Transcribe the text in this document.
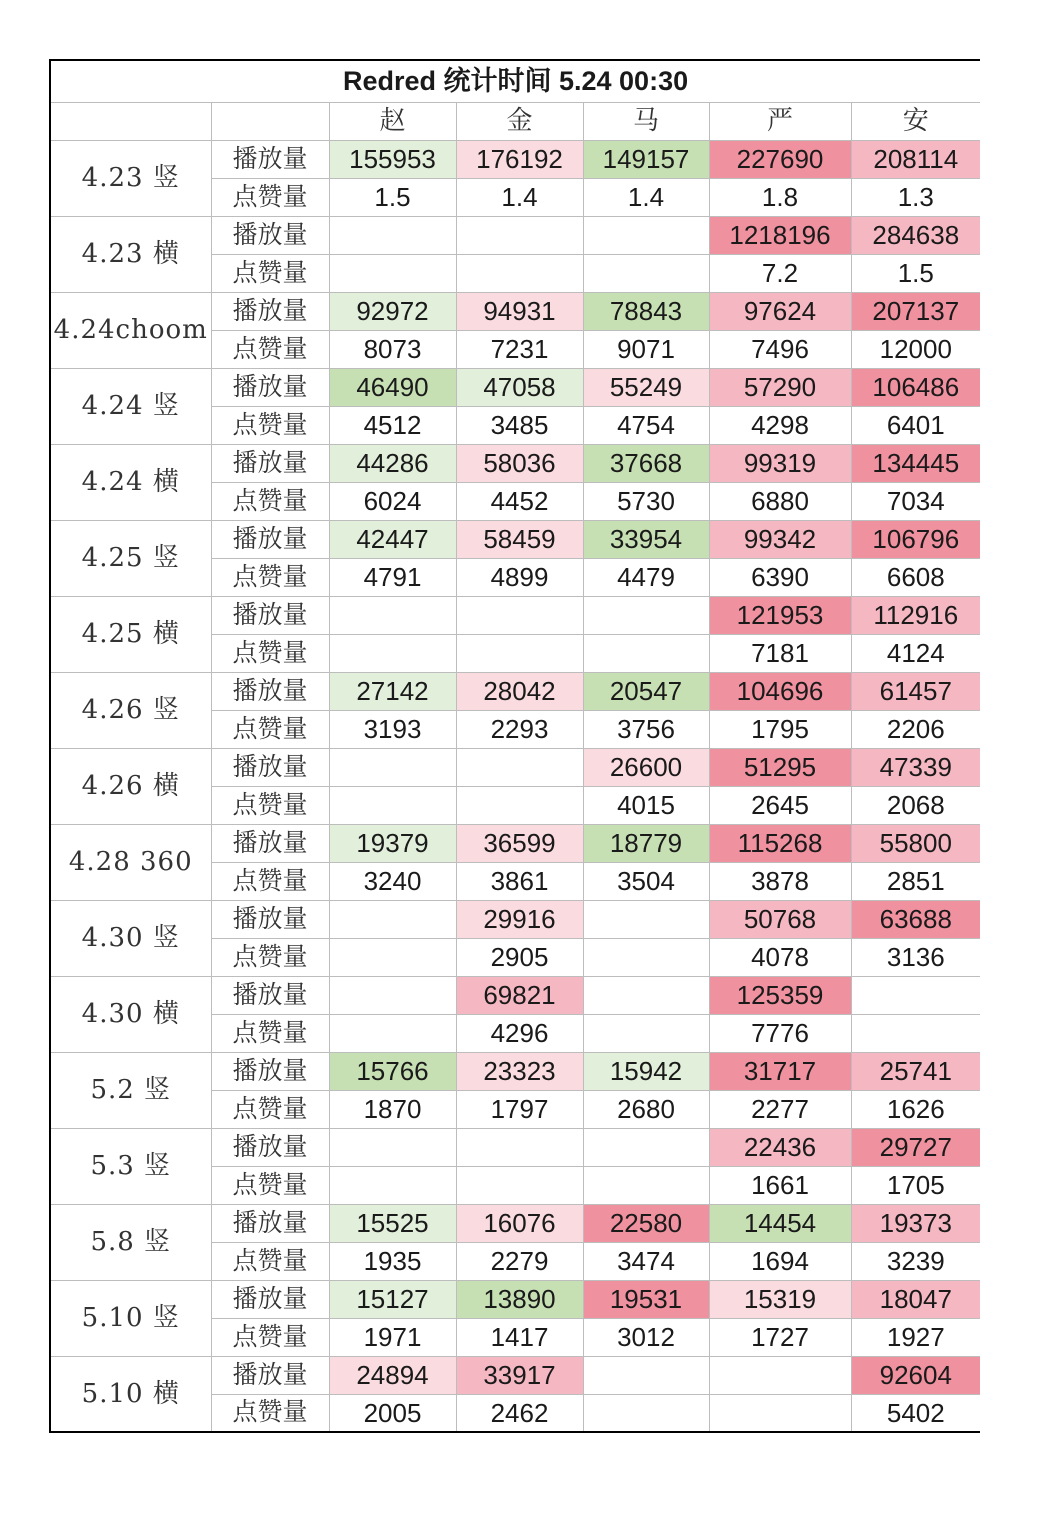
Redred 统计时间 5.24 00:30						
		赵	金	马	严	安
4.23 竖	播放量	155953	176192	149157	227690	208114
	点赞量	1.5	1.4	1.4	1.8	1.3
4.23 横	播放量				1218196	284638
	点赞量				7.2	1.5
4.24choom	播放量	92972	94931	78843	97624	207137
	点赞量	8073	7231	9071	7496	12000
4.24 竖	播放量	46490	47058	55249	57290	106486
	点赞量	4512	3485	4754	4298	6401
4.24 横	播放量	44286	58036	37668	99319	134445
	点赞量	6024	4452	5730	6880	7034
4.25 竖	播放量	42447	58459	33954	99342	106796
	点赞量	4791	4899	4479	6390	6608
4.25 横	播放量				121953	112916
	点赞量				7181	4124
4.26 竖	播放量	27142	28042	20547	104696	61457
	点赞量	3193	2293	3756	1795	2206
4.26 横	播放量			26600	51295	47339
	点赞量			4015	2645	2068
4.28 360	播放量	19379	36599	18779	115268	55800
	点赞量	3240	3861	3504	3878	2851
4.30 竖	播放量		29916		50768	63688
	点赞量		2905		4078	3136
4.30 横	播放量		69821		125359	
	点赞量		4296		7776	
5.2 竖	播放量	15766	23323	15942	31717	25741
	点赞量	1870	1797	2680	2277	1626
5.3 竖	播放量				22436	29727
	点赞量				1661	1705
5.8 竖	播放量	15525	16076	22580	14454	19373
	点赞量	1935	2279	3474	1694	3239
5.10 竖	播放量	15127	13890	19531	15319	18047
	点赞量	1971	1417	3012	1727	1927
5.10 横	播放量	24894	33917			92604
	点赞量	2005	2462			5402
